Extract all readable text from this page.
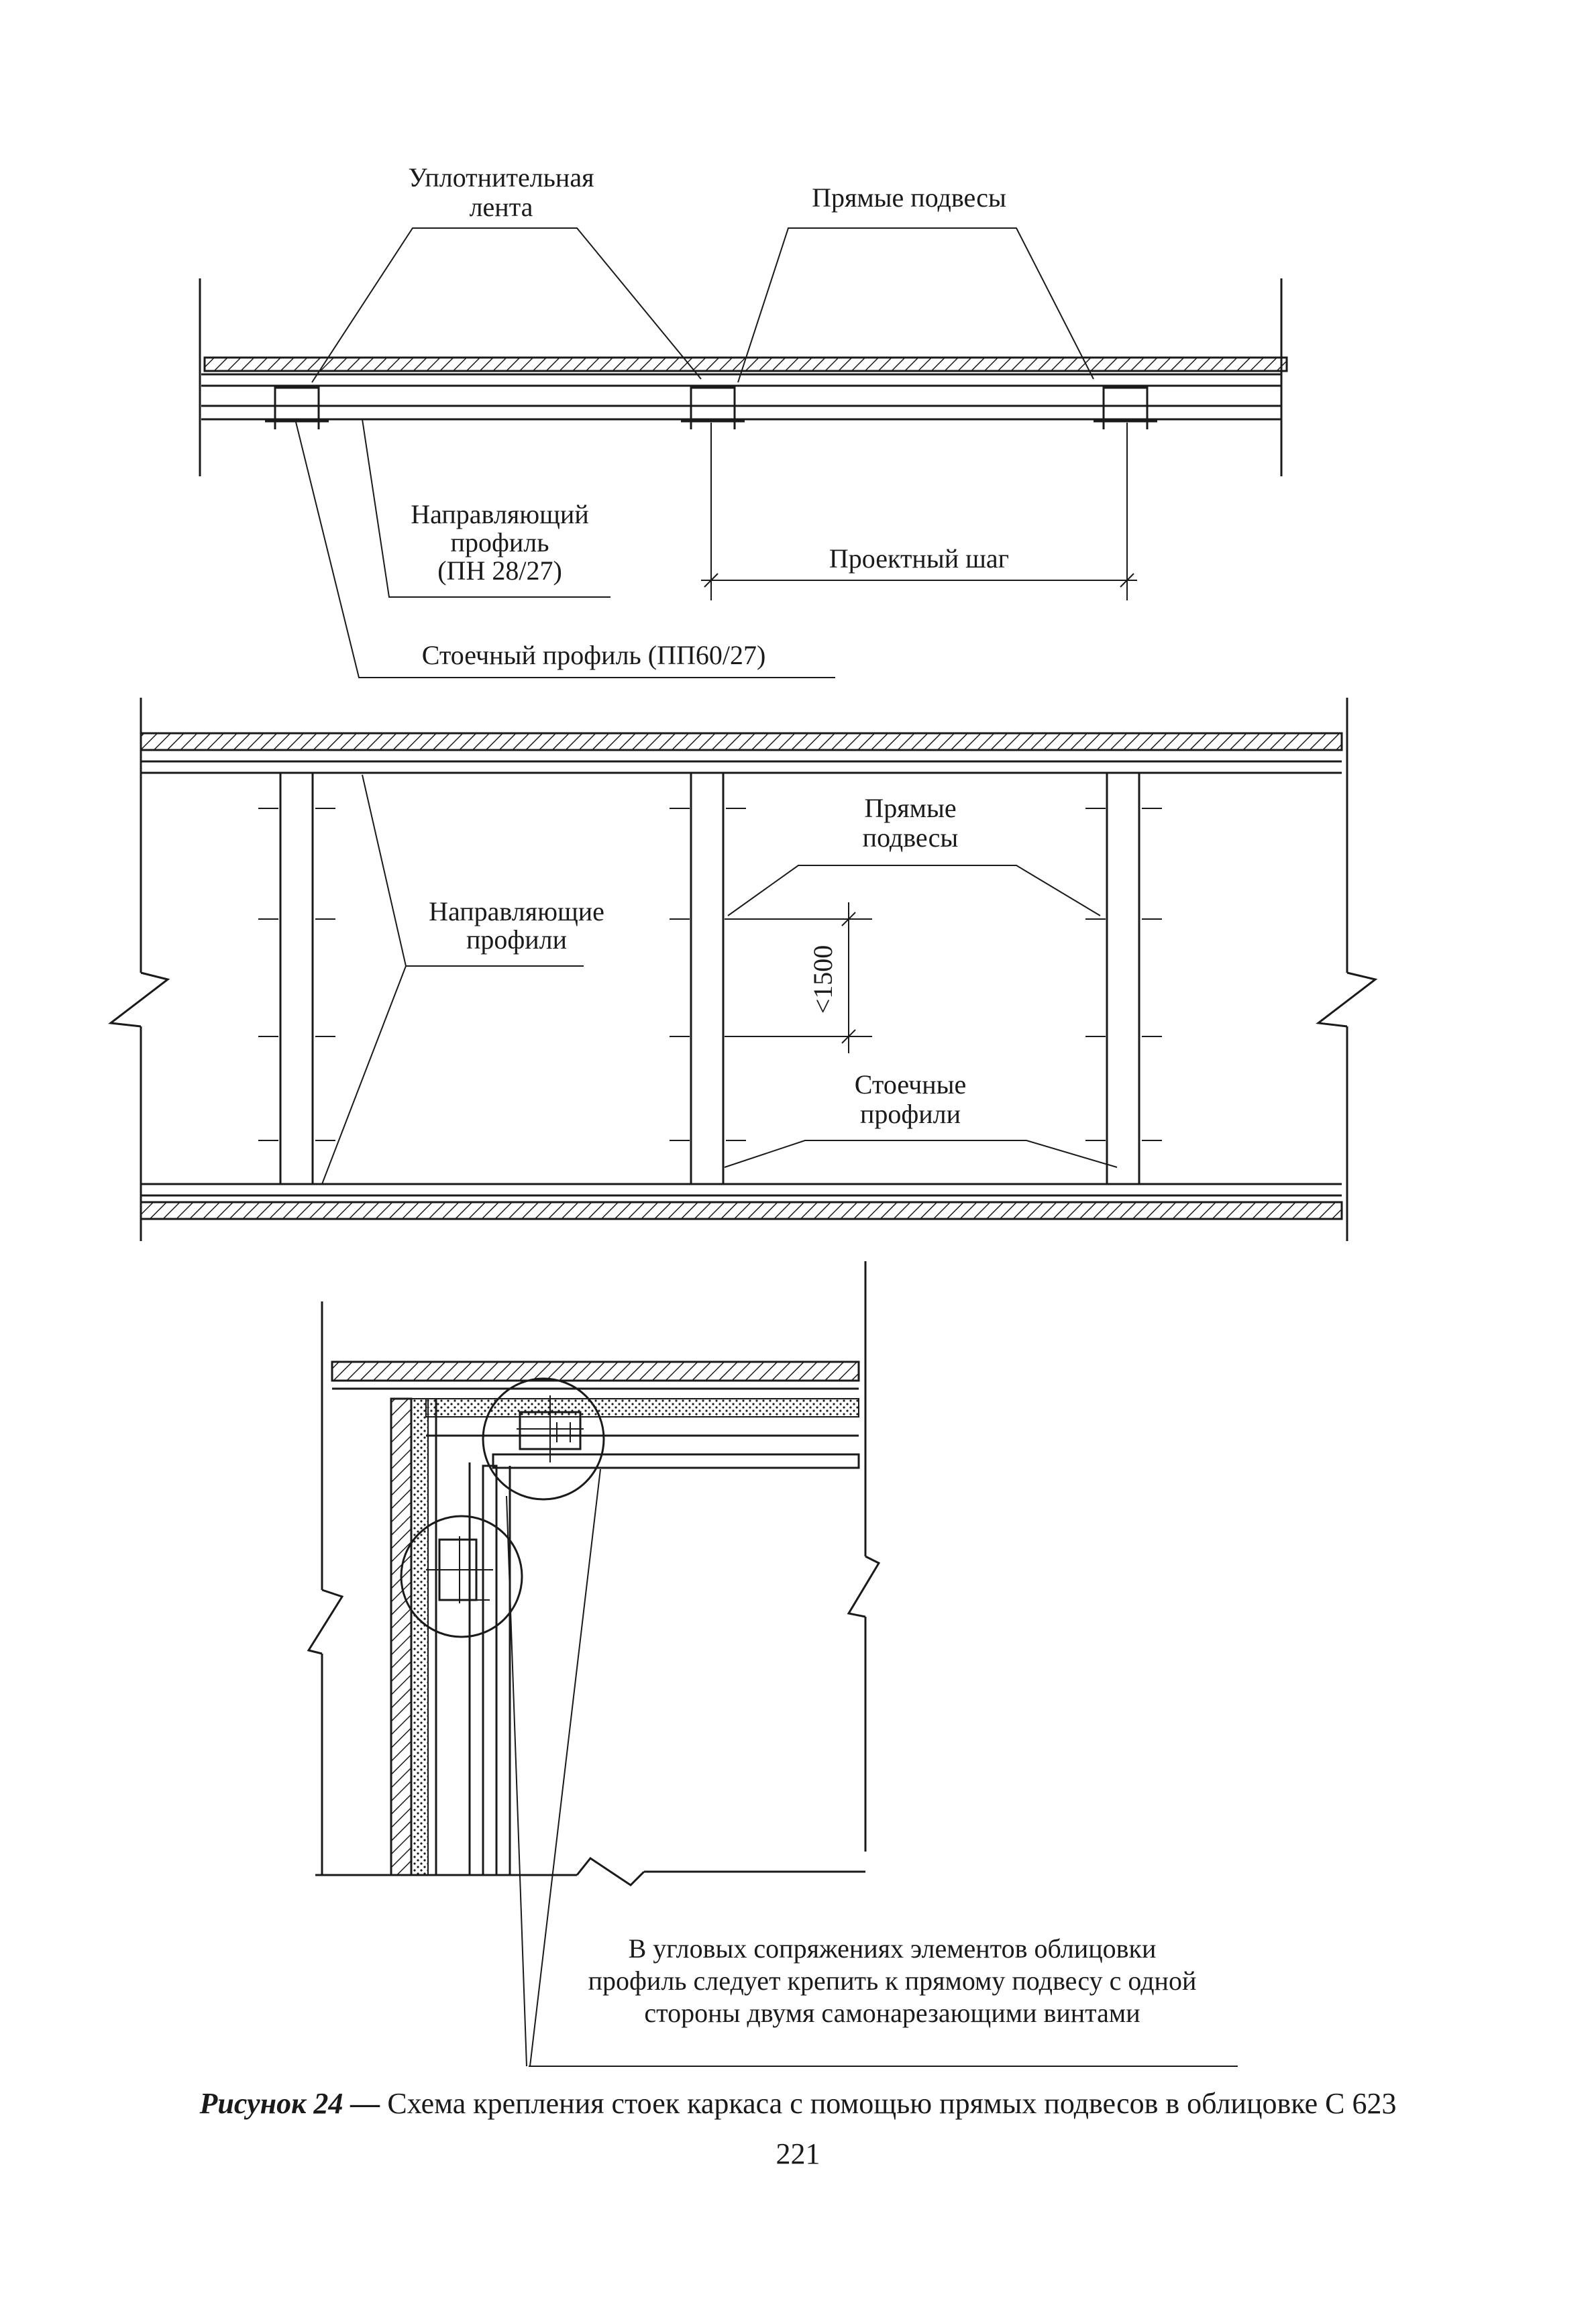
Уплотнительная
лента	Прямые подвесы
Направляющий
профиль
(ПН 28/27)	Проектный шаг
Стоечный профиль (ПП60/27)
<1500
Прямые
подвесы
Направляющие
профили
Стоечные
профили
В угловых сопряжениях элементов облицовки
профиль следует крепить к прямому подвесу с одной
стороны двумя самонарезающими винтами
Рисунок 24 — Схема крепления стоек каркаса с помощью прямых подвесов в облицовке С 623
221
